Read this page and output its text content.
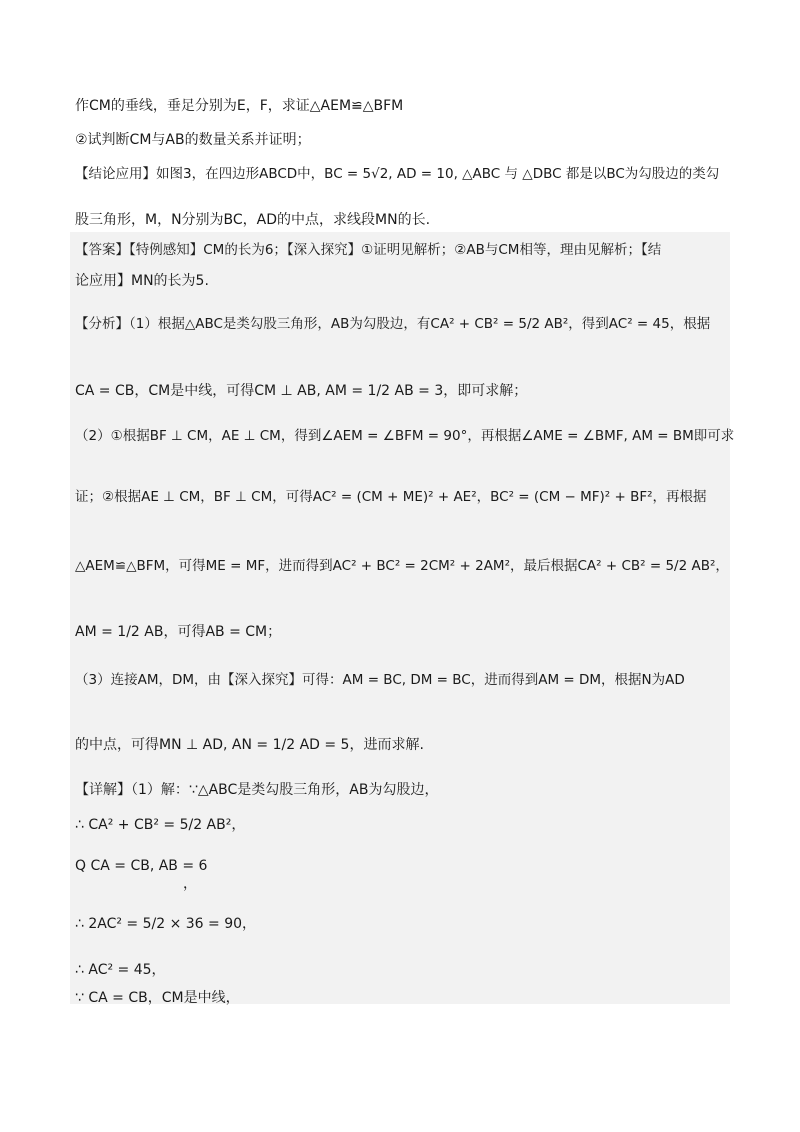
作CM的垂线，垂足分别为E，F，求证△AEM≌△BFM

②试判断CM与AB的数量关系并证明；

【结论应用】如图3，在四边形ABCD中，BC = 5√2, AD = 10, △ABC 与 △DBC 都是以BC为勾股边的类勾

股三角形，M，N分别为BC，AD的中点，求线段MN的长.

【答案】【特例感知】CM的长为6；【深入探究】①证明见解析；②AB与CM相等，理由见解析；【结

论应用】MN的长为5.

【分析】（1）根据△ABC是类勾股三角形，AB为勾股边，有CA² + CB² = 5/2 AB²，得到AC² = 45，根据

CA = CB，CM是中线，可得CM ⊥ AB, AM = 1/2 AB = 3，即可求解；

（2）①根据BF ⊥ CM，AE ⊥ CM，得到∠AEM = ∠BFM = 90°，再根据∠AME = ∠BMF, AM = BM即可求

证；②根据AE ⊥ CM，BF ⊥ CM，可得AC² = (CM + ME)² + AE²，BC² = (CM − MF)² + BF²，再根据

△AEM≌△BFM，可得ME = MF，进而得到AC² + BC² = 2CM² + 2AM²，最后根据CA² + CB² = 5/2 AB²，

AM = 1/2 AB，可得AB = CM；

（3）连接AM，DM，由【深入探究】可得：AM = BC, DM = BC，进而得到AM = DM，根据N为AD

的中点，可得MN ⊥ AD, AN = 1/2 AD = 5，进而求解.

【详解】（1）解：∵△ABC是类勾股三角形，AB为勾股边，

∴ CA² + CB² = 5/2 AB²，

Q CA = CB, AB = 6

，

∴ 2AC² = 5/2 × 36 = 90，

∴ AC² = 45，

∵ CA = CB，CM是中线，
